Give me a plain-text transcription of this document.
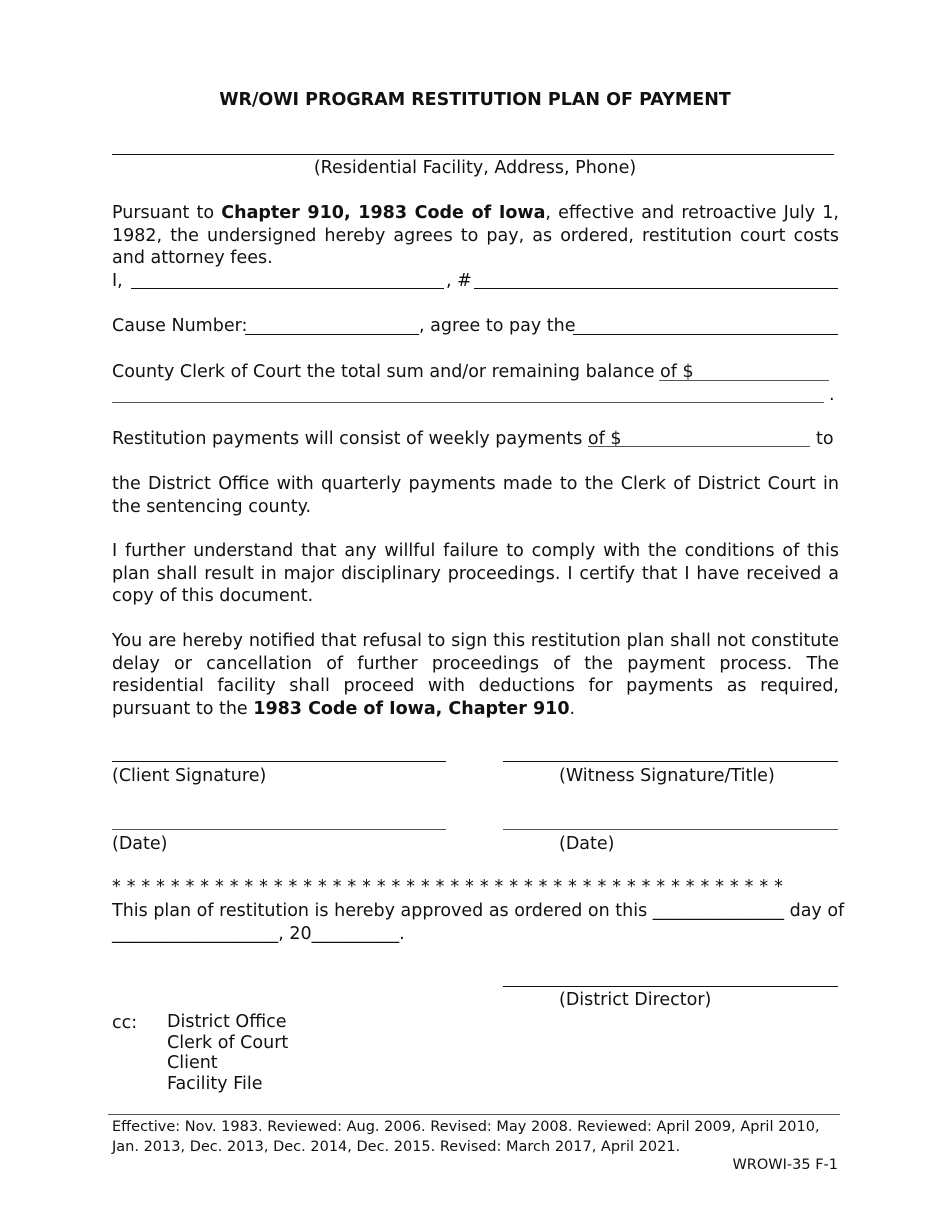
WR/OWI PROGRAM RESTITUTION PLAN OF PAYMENT
(Residential Facility, Address, Phone)
Pursuant to Chapter 910, 1983 Code of Iowa, effective and retroactive July 1, 1982, the undersigned hereby agrees to pay, as ordered, restitution court costs and attorney fees.
I,	, #
Cause Number:	, agree to pay the
County Clerk of Court the total sum and/or remaining balance of $
.
Restitution payments will consist of weekly payments of $	to
the District Office with quarterly payments made to the Clerk of District Court in the sentencing county.
I further understand that any willful failure to comply with the conditions of this plan shall result in major disciplinary proceedings. I certify that I have received a copy of this document.
You are hereby notified that refusal to sign this restitution plan shall not constitute delay or cancellation of further proceedings of the payment process. The residential facility shall proceed with deductions for payments as required, pursuant to the 1983 Code of Iowa, Chapter 910.
(Client Signature)	(Witness Signature/Title)
(Date)	(Date)
* * * * * * * * * * * * * * * * * * * * * * * * * * * * * * * * * * * * * * * * * * * * * *
This plan of restitution is hereby approved as ordered on this _______________ day of
___________________, 20__________.
(District Director)
cc: District Office
Clerk of Court
Client
Facility File
Effective: Nov. 1983. Reviewed: Aug. 2006. Revised: May 2008. Reviewed: April 2009, April 2010, Jan. 2013, Dec. 2013, Dec. 2014, Dec. 2015. Revised: March 2017, April 2021.
WROWI-35 F-1
